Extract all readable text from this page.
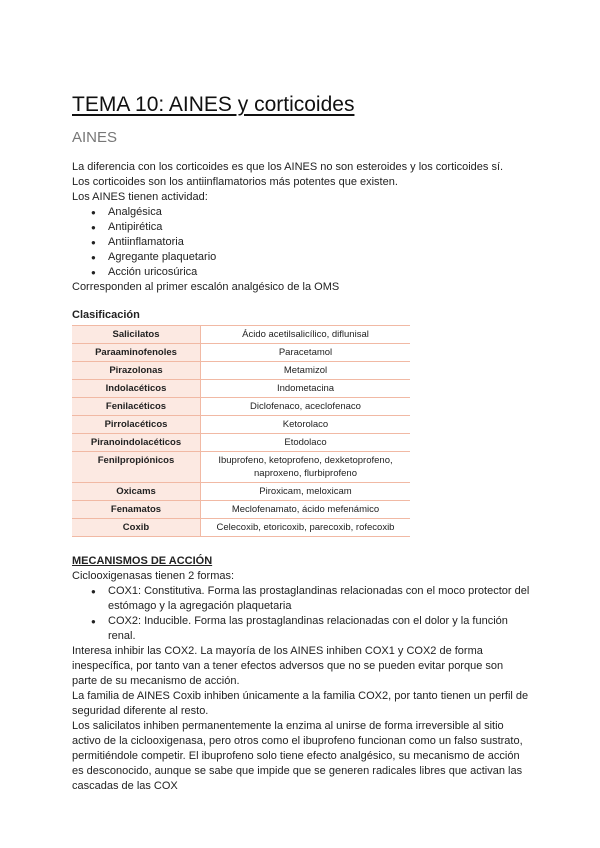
TEMA 10: AINES y corticoides
AINES

La diferencia con los corticoides es que los AINES no son esteroides y los corticoides sí.

Los corticoides son los antiinflamatorios más potentes que existen.

Los AINES tienen actividad:

● Analgésica
● Antipirética
● Antiinflamatoria
● Agregante plaquetario
● Acción uricosúrica

Corresponden al primer escalón analgésico de la OMS

Clasificación
Salicilatos	Ácido acetilsalicílico, diflunisal
Paraaminofenoles	Paracetamol
Pirazolonas	Metamizol
Indolacéticos	Indometacina
Fenilacéticos	Diclofenaco, aceclofenaco
Pirrolacéticos	Ketorolaco
Piranoindolacéticos	Etodolaco
Fenilpropiónicos	Ibuprofeno, ketoprofeno, dexketoprofeno, naproxeno, flurbiprofeno
Oxicams	Piroxicam, meloxicam
Fenamatos	Meclofenamato, ácido mefenámico
Coxib	Celecoxib, etoricoxib, parecoxib, rofecoxib
MECANISMOS DE ACCIÓN

Ciclooxigenasas tienen 2 formas:

● COX1: Constitutiva. Forma las prostaglandinas relacionadas con el moco protector del estómago y la agregación plaquetaria
● COX2: Inducible. Forma las prostaglandinas relacionadas con el dolor y la función renal.

Interesa inhibir las COX2. La mayoría de los AINES inhiben COX1 y COX2 de forma inespecífica, por tanto van a tener efectos adversos que no se pueden evitar porque son parte de su mecanismo de acción.

La familia de AINES Coxib inhiben únicamente a la familia COX2, por tanto tienen un perfil de seguridad diferente al resto.

Los salicilatos inhiben permanentemente la enzima al unirse de forma irreversible al sitio activo de la ciclooxigenasa, pero otros como el ibuprofeno funcionan como un falso sustrato, permitiéndole competir. El ibuprofeno solo tiene efecto analgésico, su mecanismo de acción es desconocido, aunque se sabe que impide que se generen radicales libres que activan las cascadas de las COX
